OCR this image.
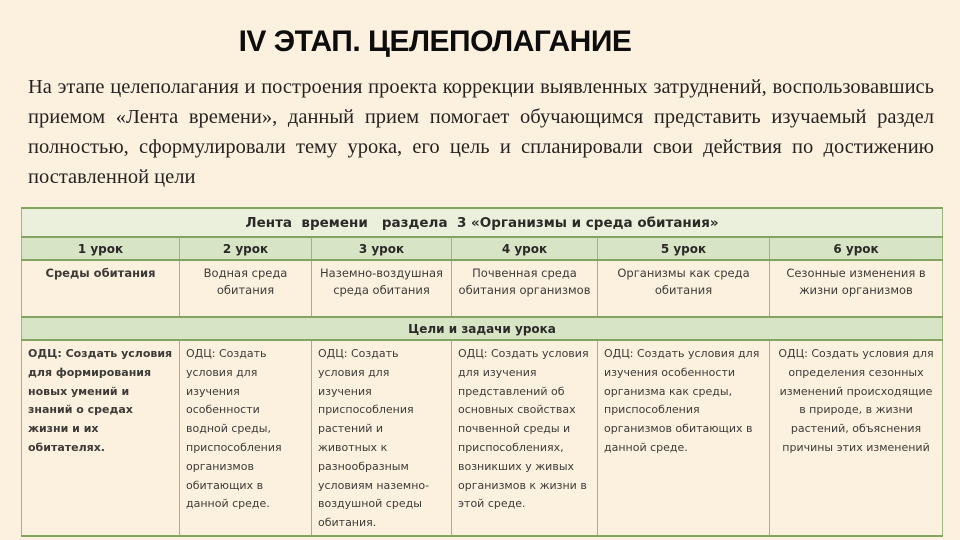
IV ЭТАП. ЦЕЛЕПОЛАГАНИЕ

На этапе целеполагания и построения проекта коррекции выявленных затруднений, воспользовавшись приемом «Лента времени», данный прием помогает обучающимся представить изучаемый раздел полностью, сформулировали тему урока, его цель и спланировали свои действия по достижению поставленной цели

Лента  времени   раздела  3 «Организмы и среда обитания»					
1 урок	2 урок	3 урок	4 урок	5 урок	6 урок
Среды обитания	Водная среда обитания	Наземно-воздушная среда обитания	Почвенная среда обитания организмов	Организмы как среда обитания	Сезонные изменения в жизни организмов
Цели и задачи урока					
ОДЦ: Создать условия для формирования новых умений и знаний о средах жизни и их обитателях.	ОДЦ: Создать условия для изучения особенности водной среды, приспособления организмов обитающих в данной среде.	ОДЦ: Создать условия для изучения приспособления растений и животных к разнообразным условиям наземно-воздушной среды обитания.	ОДЦ: Создать условия для изучения представлений об основных свойствах почвенной среды и приспособлениях, возникших у живых организмов к жизни в этой среде.	ОДЦ: Создать условия для изучения особенности организма как среды, приспособления организмов обитающих в данной среде.	ОДЦ: Создать условия для определения сезонных изменений происходящие в природе, в жизни растений, объяснения причины этих изменений
